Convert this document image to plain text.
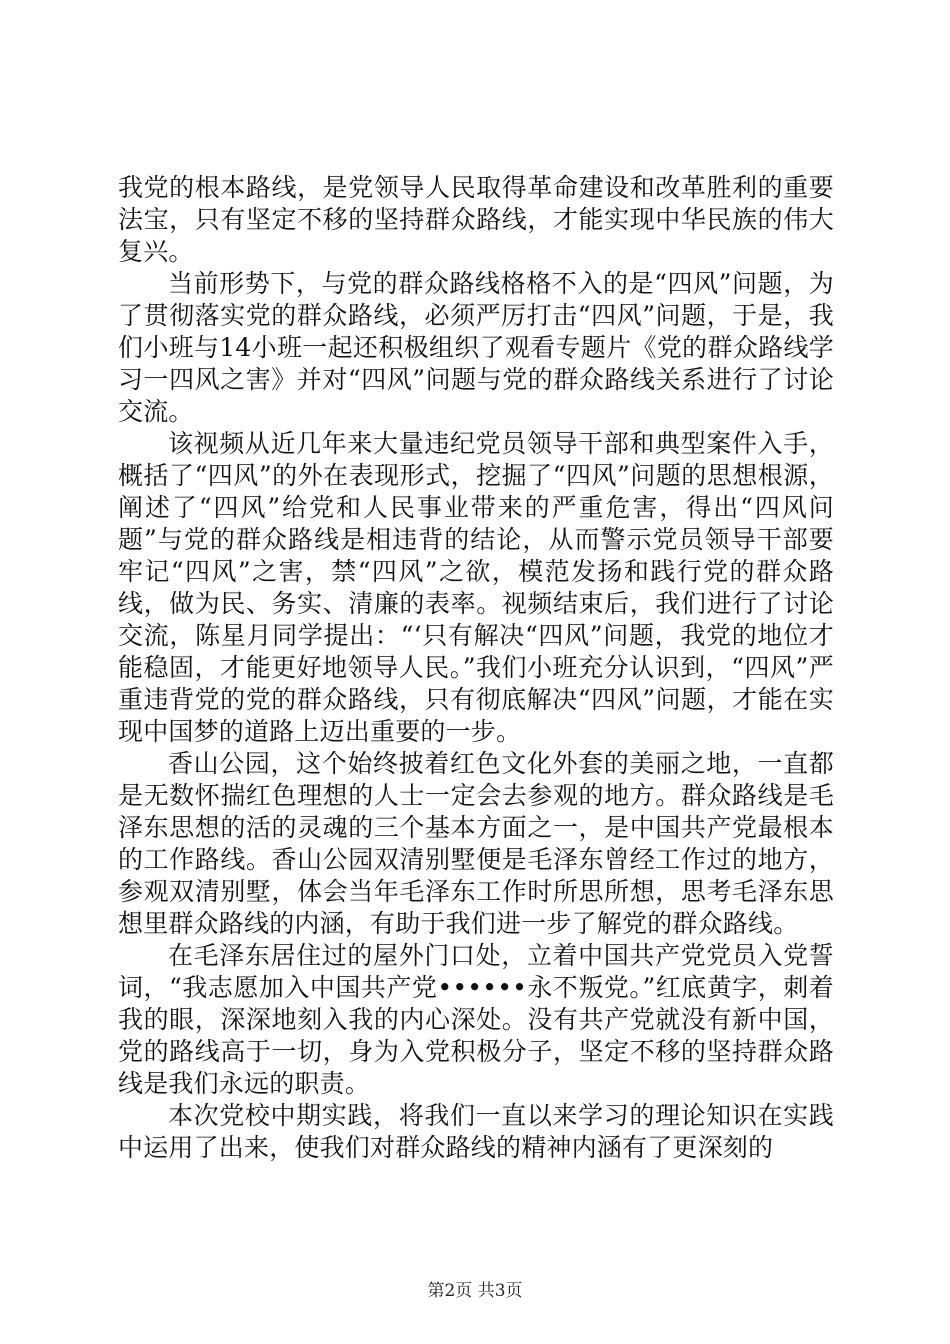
我党的根本路线，是党领导人民取得革命建设和改革胜利的重要法宝，只有坚定不移的坚持群众路线，才能实现中华民族的伟大复兴。

当前形势下，与党的群众路线格格不入的是“四风”问题，为了贯彻落实党的群众路线，必须严厉打击“四风”问题，于是，我们小班与14小班一起还积极组织了观看专题片《党的群众路线学习一四风之害》并对“四风”问题与党的群众路线关系进行了讨论交流。

该视频从近几年来大量违纪党员领导干部和典型案件入手，概括了“四风”的外在表现形式，挖掘了“四风”问题的思想根源，阐述了“四风”给党和人民事业带来的严重危害，得出“四风问题”与党的群众路线是相违背的结论，从而警示党员领导干部要牢记“四风”之害，禁“四风”之欲，模范发扬和践行党的群众路线，做为民、务实、清廉的表率。视频结束后，我们进行了讨论交流，陈星月同学提出：“‘只有解决“四风”问题，我党的地位才能稳固，才能更好地领导人民。”我们小班充分认识到，“四风”严重违背党的党的群众路线，只有彻底解决“四风”问题，才能在实现中国梦的道路上迈出重要的一步。

香山公园，这个始终披着红色文化外套的美丽之地，一直都是无数怀揣红色理想的人士一定会去参观的地方。群众路线是毛泽东思想的活的灵魂的三个基本方面之一，是中国共产党最根本的工作路线。香山公园双清别墅便是毛泽东曾经工作过的地方，参观双清别墅，体会当年毛泽东工作时所思所想，思考毛泽东思想里群众路线的内涵，有助于我们进一步了解党的群众路线。

在毛泽东居住过的屋外门口处，立着中国共产党党员入党誓词，“我志愿加入中国共产党••••••永不叛党。”红底黄字，刺着我的眼，深深地刻入我的内心深处。没有共产党就没有新中国，党的路线高于一切，身为入党积极分子，坚定不移的坚持群众路线是我们永远的职责。

本次党校中期实践，将我们一直以来学习的理论知识在实践中运用了出来，使我们对群众路线的精神内涵有了更深刻的

第2页 共3页
